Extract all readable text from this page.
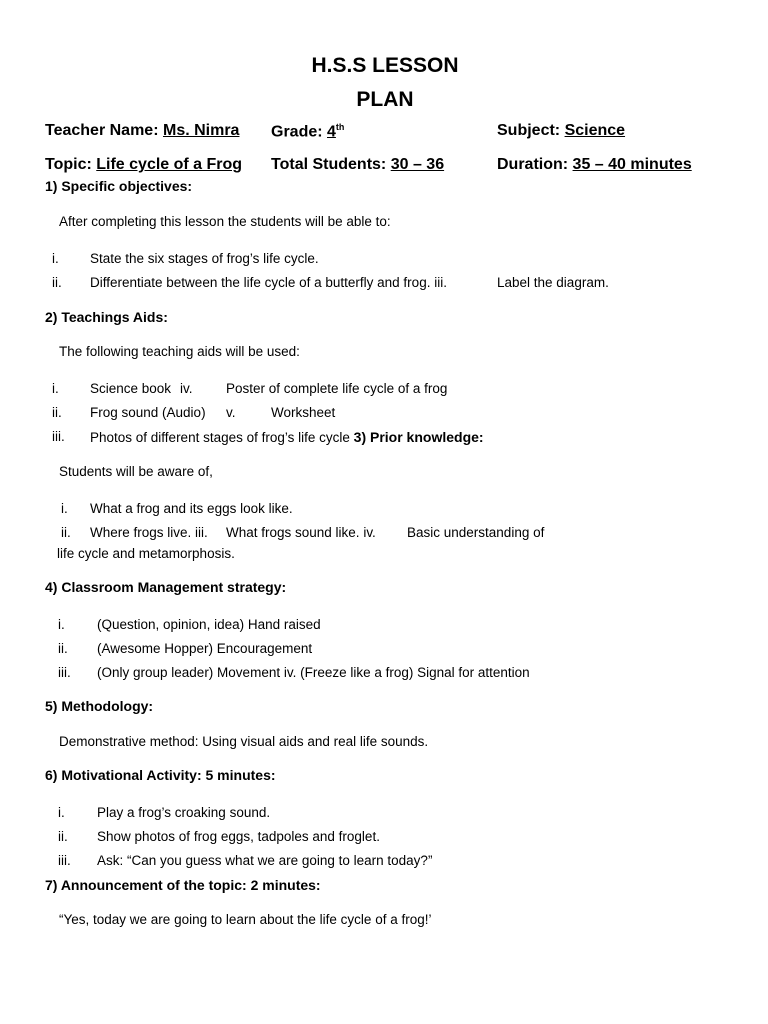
H.S.S LESSON
PLAN
Teacher Name: Ms. Nimra Grade: 4th	Subject: Science
Topic: Life cycle of a Frog Total Students: 30 – 36	Duration: 35 – 40 minutes
1) Specific objectives:
After completing this lesson the students will be able to:
i. State the six stages of frog’s life cycle.
ii. Differentiate between the life cycle of a butterfly and frog. iii.	Label the diagram.
2) Teachings Aids:
The following teaching aids will be used:
i. Science book iv. Poster of complete life cycle of a frog
ii. Frog sound (Audio) v.	Worksheet
iii. Photos of different stages of frog’s life cycle 3) Prior knowledge:
Students will be aware of,
i. What a frog and its eggs look like.
ii. Where frogs live. iii. What frogs sound like. iv. Basic understanding of
life cycle and metamorphosis.
4) Classroom Management strategy:
i. (Question, opinion, idea) Hand raised
ii. (Awesome Hopper) Encouragement
iii. (Only group leader) Movement iv. (Freeze like a frog) Signal for attention
5) Methodology:
Demonstrative method: Using visual aids and real life sounds.
6) Motivational Activity: 5 minutes:
i. Play a frog’s croaking sound.
ii. Show photos of frog eggs, tadpoles and froglet.
iii. Ask: “Can you guess what we are going to learn today?”
7) Announcement of the topic: 2 minutes:
“Yes, today we are going to learn about the life cycle of a frog!’
